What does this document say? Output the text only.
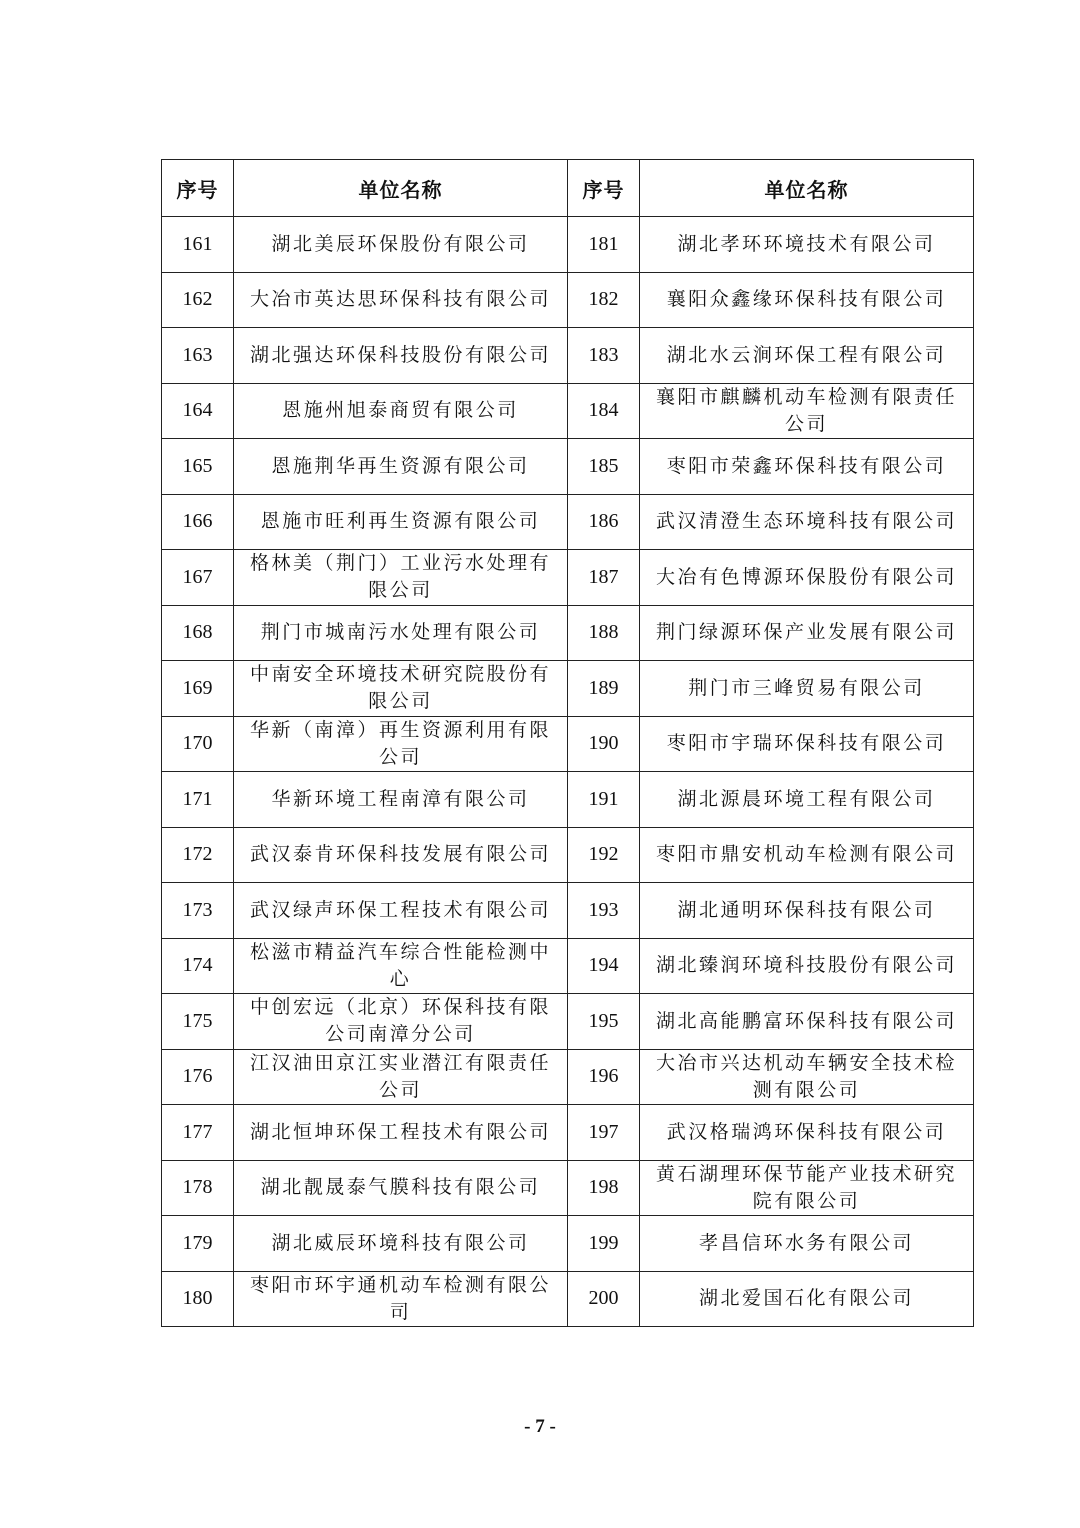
序号	单位名称	序号	单位名称
161	湖北美辰环保股份有限公司	181	湖北孝环环境技术有限公司
162	大冶市英达思环保科技有限公司	182	襄阳众鑫缘环保科技有限公司
163	湖北强达环保科技股份有限公司	183	湖北水云涧环保工程有限公司
164	恩施州旭泰商贸有限公司	184	襄阳市麒麟机动车检测有限责任公司
165	恩施荆华再生资源有限公司	185	枣阳市荣鑫环保科技有限公司
166	恩施市旺利再生资源有限公司	186	武汉清澄生态环境科技有限公司
167	格林美（荆门）工业污水处理有限公司	187	大冶有色博源环保股份有限公司
168	荆门市城南污水处理有限公司	188	荆门绿源环保产业发展有限公司
169	中南安全环境技术研究院股份有限公司	189	荆门市三峰贸易有限公司
170	华新（南漳）再生资源利用有限公司	190	枣阳市宇瑞环保科技有限公司
171	华新环境工程南漳有限公司	191	湖北源晨环境工程有限公司
172	武汉泰肯环保科技发展有限公司	192	枣阳市鼎安机动车检测有限公司
173	武汉绿声环保工程技术有限公司	193	湖北通明环保科技有限公司
174	松滋市精益汽车综合性能检测中心	194	湖北臻润环境科技股份有限公司
175	中创宏远（北京）环保科技有限公司南漳分公司	195	湖北高能鹏富环保科技有限公司
176	江汉油田京江实业潜江有限责任公司	196	大冶市兴达机动车辆安全技术检测有限公司
177	湖北恒坤环保工程技术有限公司	197	武汉格瑞鸿环保科技有限公司
178	湖北靓晟泰气膜科技有限公司	198	黄石湖理环保节能产业技术研究院有限公司
179	湖北威辰环境科技有限公司	199	孝昌信环水务有限公司
180	枣阳市环宇通机动车检测有限公司	200	湖北爱国石化有限公司
- 7 -
